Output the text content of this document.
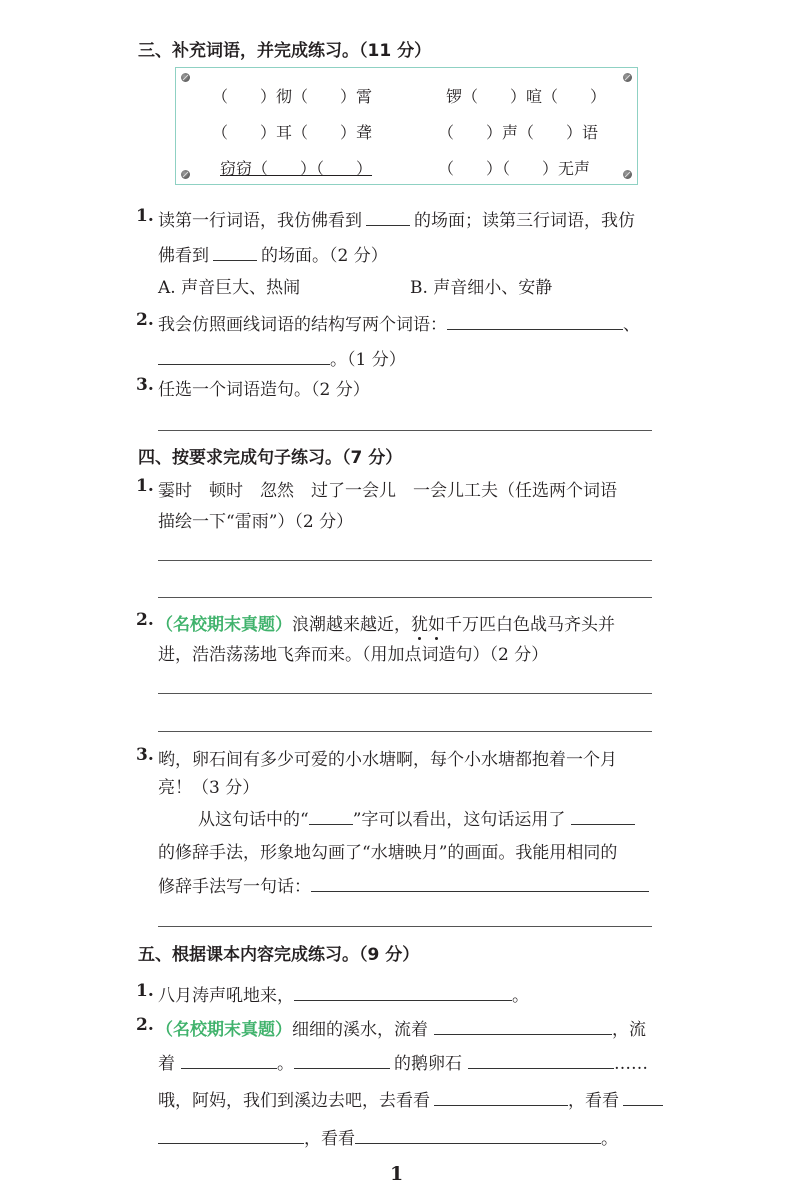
三、补充词语，并完成练习。（11 分）
（　　）彻（　　）霄	锣（　　）喧（　　）
（　　）耳（　　）聋	（　　）声（　　）语
窃窃（　　）（　　）	（　　）（　　）无声
1. 读第一行词语，我仿佛看到	的场面；读第三行词语，我仿
佛看到	的场面。（2 分）
A. 声音巨大、热闹	B. 声音细小、安静
2. 我会仿照画线词语的结构写两个词语：	、
。（1 分）
3. 任选一个词语造句。（2 分）
四、按要求完成句子练习。（7 分）
1. 霎时　顿时　忽然　过了一会儿　一会儿工夫（任选两个词语
描绘一下“雷雨”）（2 分）
2. （名校期末真题）浪潮越来越近，犹如千万匹白色战马齐头并
进，浩浩荡荡地飞奔而来。（用加点词造句）（2 分）
3. 哟，卵石间有多少可爱的小水塘啊，每个小水塘都抱着一个月
亮！（3 分）
从这句话中的“	”字可以看出，这句话运用了
的修辞手法，形象地勾画了“水塘映月”的画面。我能用相同的
修辞手法写一句话：
五、根据课本内容完成练习。（9 分）
1. 八月涛声吼地来，	。
2. （名校期末真题）细细的溪水，流着	，流
着	。	的鹅卵石	……
哦，阿妈，我们到溪边去吧，去看看	，看看
，看看	。
1
